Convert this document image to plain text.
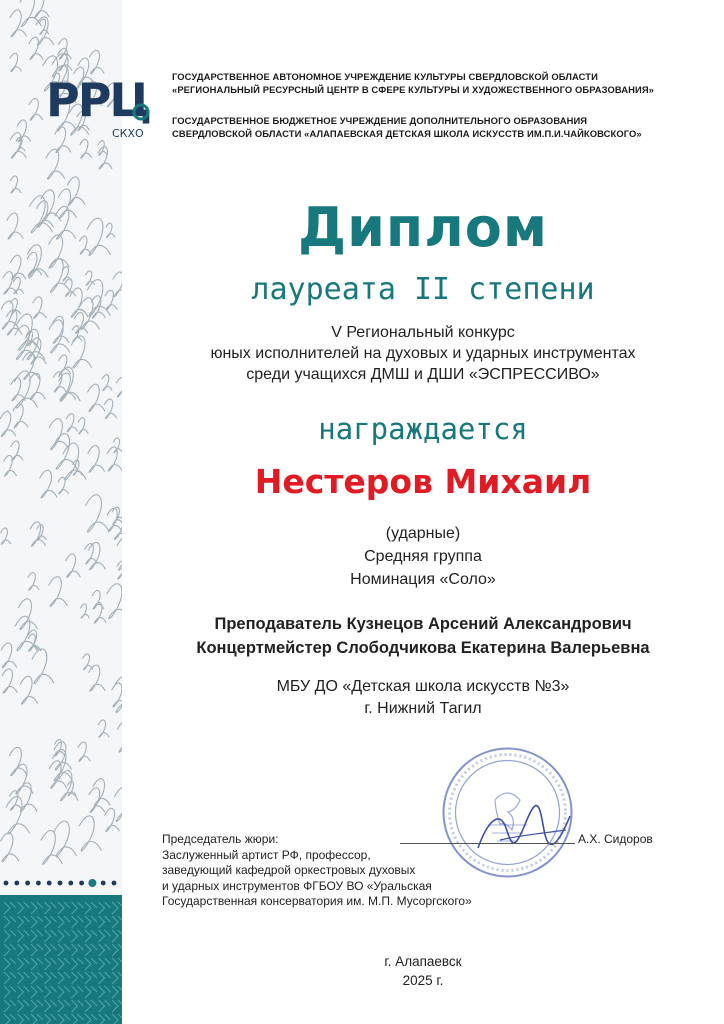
РРЦ
СКХО
ГОСУДАРСТВЕННОЕ АВТОНОМНОЕ УЧРЕЖДЕНИЕ КУЛЬТУРЫ СВЕРДЛОВСКОЙ ОБЛАСТИ
«РЕГИОНАЛЬНЫЙ РЕСУРСНЫЙ ЦЕНТР В СФЕРЕ КУЛЬТУРЫ И ХУДОЖЕСТВЕННОГО ОБРАЗОВАНИЯ»
ГОСУДАРСТВЕННОЕ БЮДЖЕТНОЕ УЧРЕЖДЕНИЕ ДОПОЛНИТЕЛЬНОГО ОБРАЗОВАНИЯ
СВЕРДЛОВСКОЙ ОБЛАСТИ «АЛАПАЕВСКАЯ ДЕТСКАЯ ШКОЛА ИСКУССТВ ИМ.П.И.ЧАЙКОВСКОГО»
Диплом
лауреата II степени
V Региональный конкурс
юных исполнителей на духовых и ударных инструментах
среди учащихся ДМШ и ДШИ «ЭСПРЕССИВО»
награждается
Нестеров Михаил
(ударные)
Средняя группа
Номинация «Соло»
Преподаватель Кузнецов Арсений Александрович
Концертмейстер Слободчикова Екатерина Валерьевна
МБУ ДО «Детская школа искусств №3»
г. Нижний Тагил
Председатель жюри:
Заслуженный артист РФ, профессор,
заведующий кафедрой оркестровых духовых
и ударных инструментов ФГБОУ ВО «Уральская
Государственная консерватория им. М.П. Мусоргского»
А.Х. Сидоров
г. Алапаевск
2025 г.
